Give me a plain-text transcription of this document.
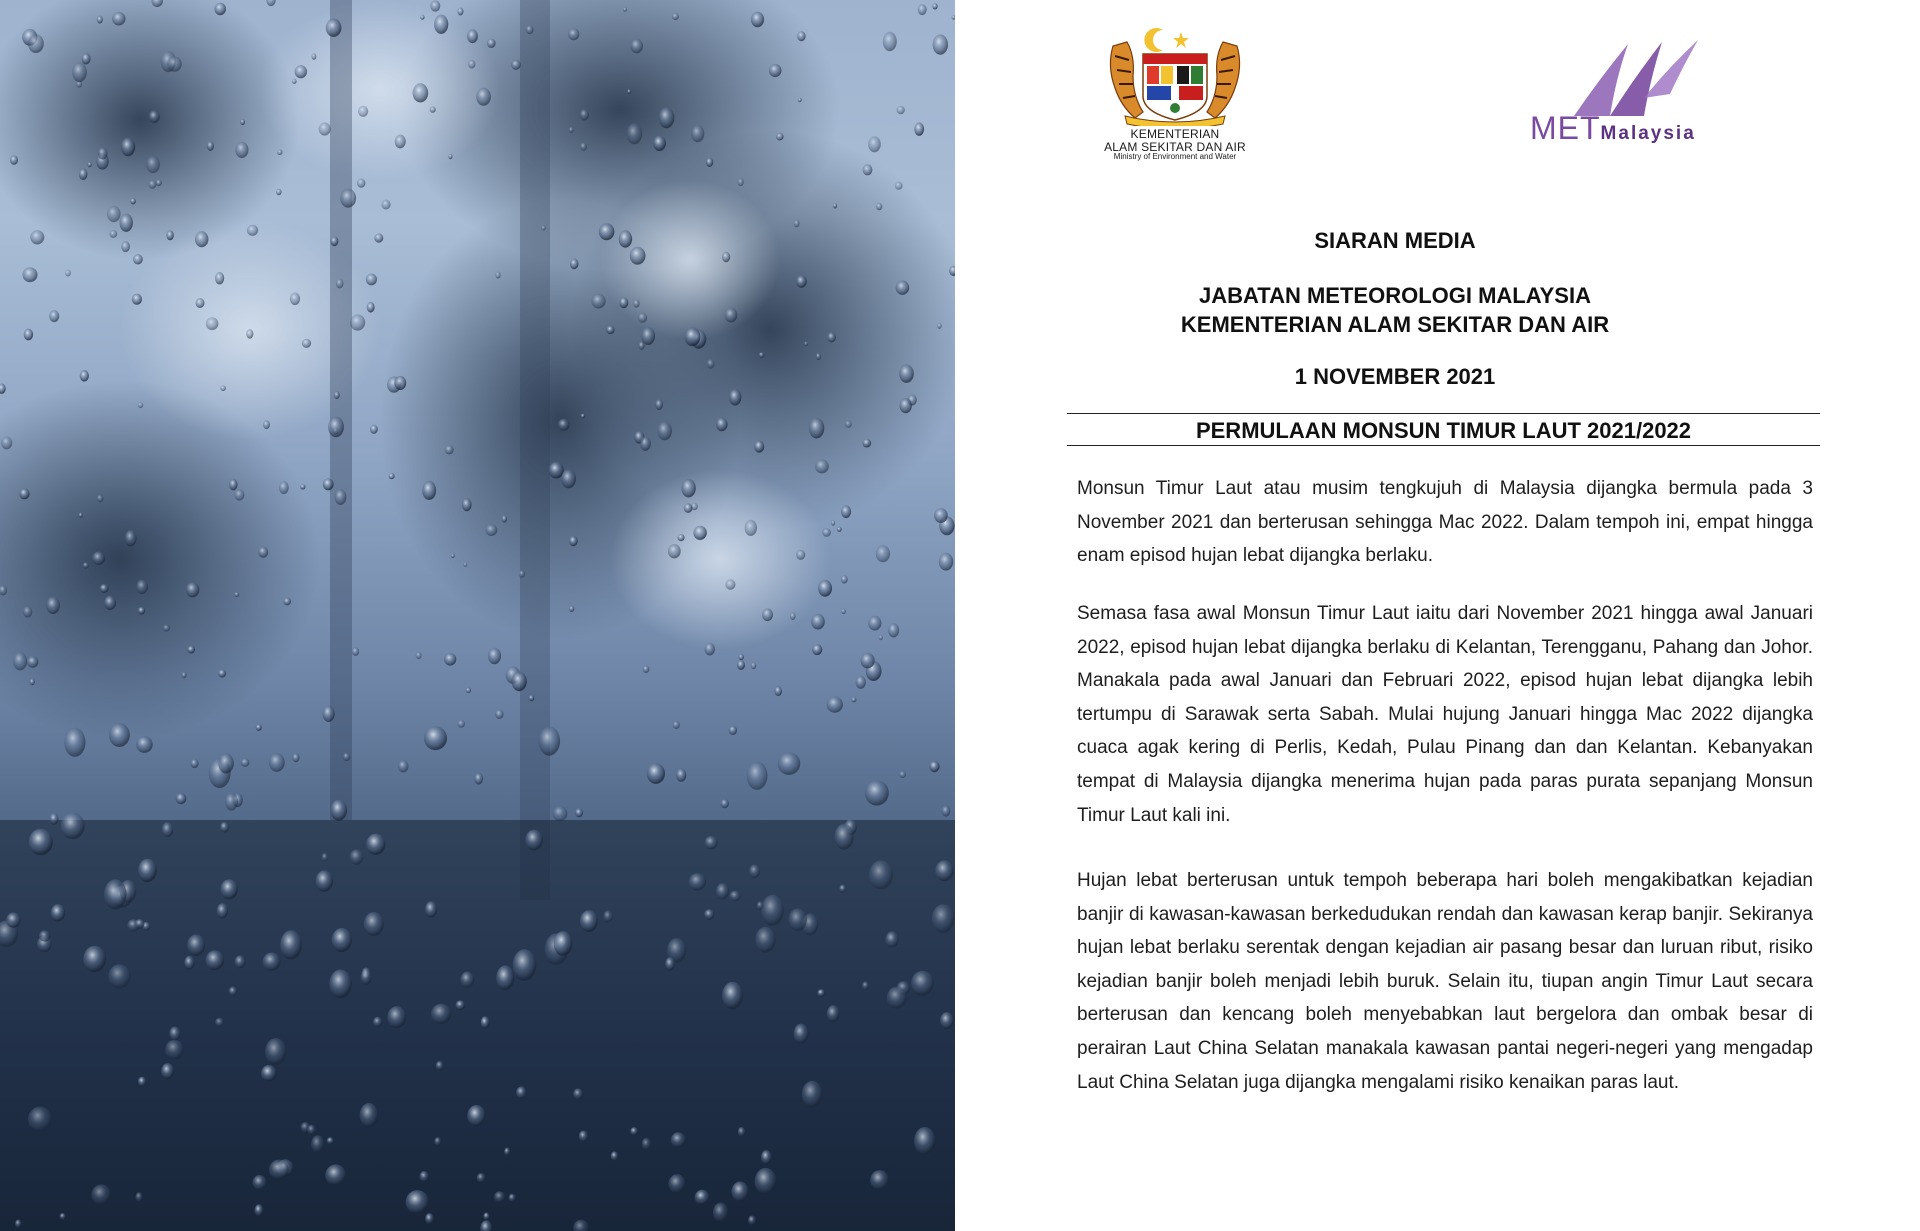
KEMENTERIAN
ALAM SEKITAR DAN AIR
Ministry of Environment and Water
METMalaysia
SIARAN MEDIA
JABATAN METEOROLOGI MALAYSIA
KEMENTERIAN ALAM SEKITAR DAN AIR
1 NOVEMBER 2021
PERMULAAN MONSUN TIMUR LAUT 2021/2022

Monsun Timur Laut atau musim tengkujuh di Malaysia dijangka bermula pada 3 November 2021 dan berterusan sehingga Mac 2022. Dalam tempoh ini, empat hingga enam episod hujan lebat dijangka berlaku.

Semasa fasa awal Monsun Timur Laut iaitu dari November 2021 hingga awal Januari 2022, episod hujan lebat dijangka berlaku di Kelantan, Terengganu, Pahang dan Johor. Manakala pada awal Januari dan Februari 2022, episod hujan lebat dijangka lebih tertumpu di Sarawak serta Sabah. Mulai hujung Januari hingga Mac 2022 dijangka cuaca agak kering di Perlis, Kedah, Pulau Pinang dan dan Kelantan. Kebanyakan tempat di Malaysia dijangka menerima hujan pada paras purata sepanjang Monsun Timur Laut kali ini.

Hujan lebat berterusan untuk tempoh beberapa hari boleh mengakibatkan kejadian banjir di kawasan-kawasan berkedudukan rendah dan kawasan kerap banjir. Sekiranya hujan lebat berlaku serentak dengan kejadian air pasang besar dan luruan ribut, risiko kejadian banjir boleh menjadi lebih buruk. Selain itu, tiupan angin Timur Laut secara berterusan dan kencang boleh menyebabkan laut bergelora dan ombak besar di perairan Laut China Selatan manakala kawasan pantai negeri-negeri yang mengadap Laut China Selatan juga dijangka mengalami risiko kenaikan paras laut.
